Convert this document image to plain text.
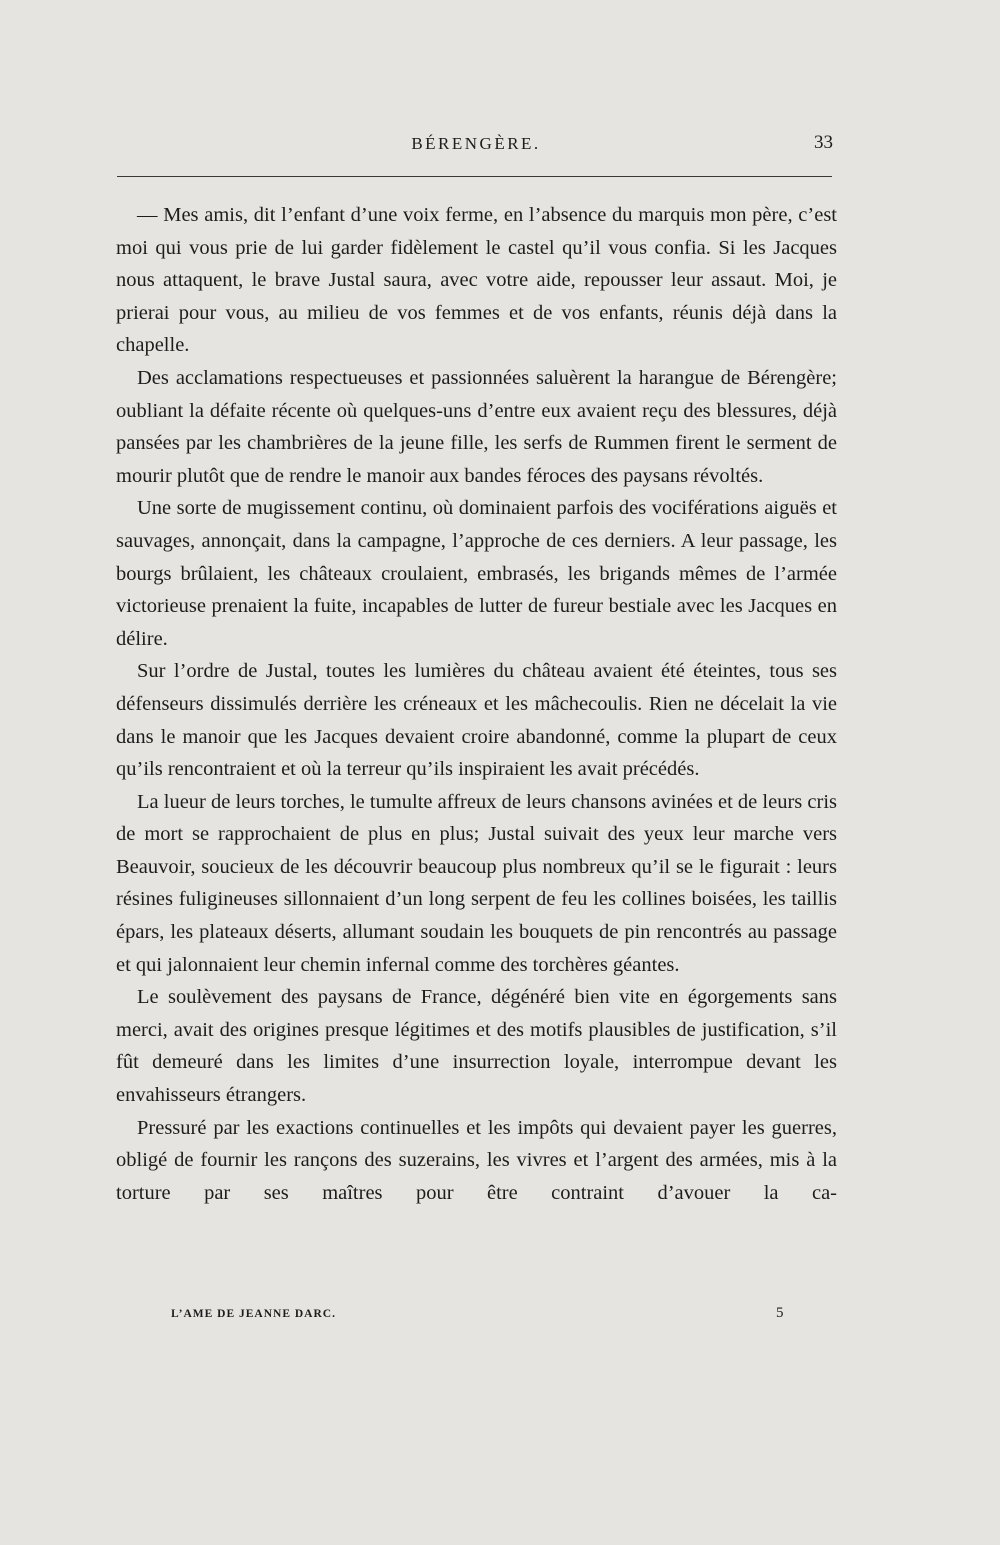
BÉRENGÈRE.	33

— Mes amis, dit l’enfant d’une voix ferme, en l’absence du marquis mon père, c’est moi qui vous prie de lui garder fidèlement le castel qu’il vous confia. Si les Jacques nous attaquent, le brave Justal saura, avec votre aide, repousser leur assaut. Moi, je prierai pour vous, au milieu de vos femmes et de vos enfants, réunis déjà dans la chapelle.

Des acclamations respectueuses et passionnées saluèrent la harangue de Bérengère; oubliant la défaite récente où quelques-uns d’entre eux avaient reçu des blessures, déjà pansées par les chambrières de la jeune fille, les serfs de Rummen firent le serment de mourir plutôt que de rendre le manoir aux bandes féroces des paysans révoltés.

Une sorte de mugissement continu, où dominaient parfois des vociférations aiguës et sauvages, annonçait, dans la campagne, l’approche de ces derniers. A leur passage, les bourgs brûlaient, les châteaux croulaient, embrasés, les brigands mêmes de l’armée victorieuse prenaient la fuite, incapables de lutter de fureur bestiale avec les Jacques en délire.

Sur l’ordre de Justal, toutes les lumières du château avaient été éteintes, tous ses défenseurs dissimulés derrière les créneaux et les mâchecoulis. Rien ne décelait la vie dans le manoir que les Jacques devaient croire abandonné, comme la plupart de ceux qu’ils rencontraient et où la terreur qu’ils inspiraient les avait précédés.

La lueur de leurs torches, le tumulte affreux de leurs chansons avinées et de leurs cris de mort se rapprochaient de plus en plus; Justal suivait des yeux leur marche vers Beauvoir, soucieux de les découvrir beaucoup plus nombreux qu’il se le figurait : leurs résines fuligineuses sillonnaient d’un long serpent de feu les collines boisées, les taillis épars, les plateaux déserts, allumant soudain les bouquets de pin rencontrés au passage et qui jalonnaient leur chemin infernal comme des torchères géantes.

Le soulèvement des paysans de France, dégénéré bien vite en égorgements sans merci, avait des origines presque légitimes et des motifs plausibles de justification, s’il fût demeuré dans les limites d’une insurrection loyale, interrompue devant les envahisseurs étrangers.

Pressuré par les exactions continuelles et les impôts qui devaient payer les guerres, obligé de fournir les rançons des suzerains, les vivres et l’argent des armées, mis à la torture par ses maîtres pour être contraint d’avouer la ca-

L’AME DE JEANNE DARC.	5
